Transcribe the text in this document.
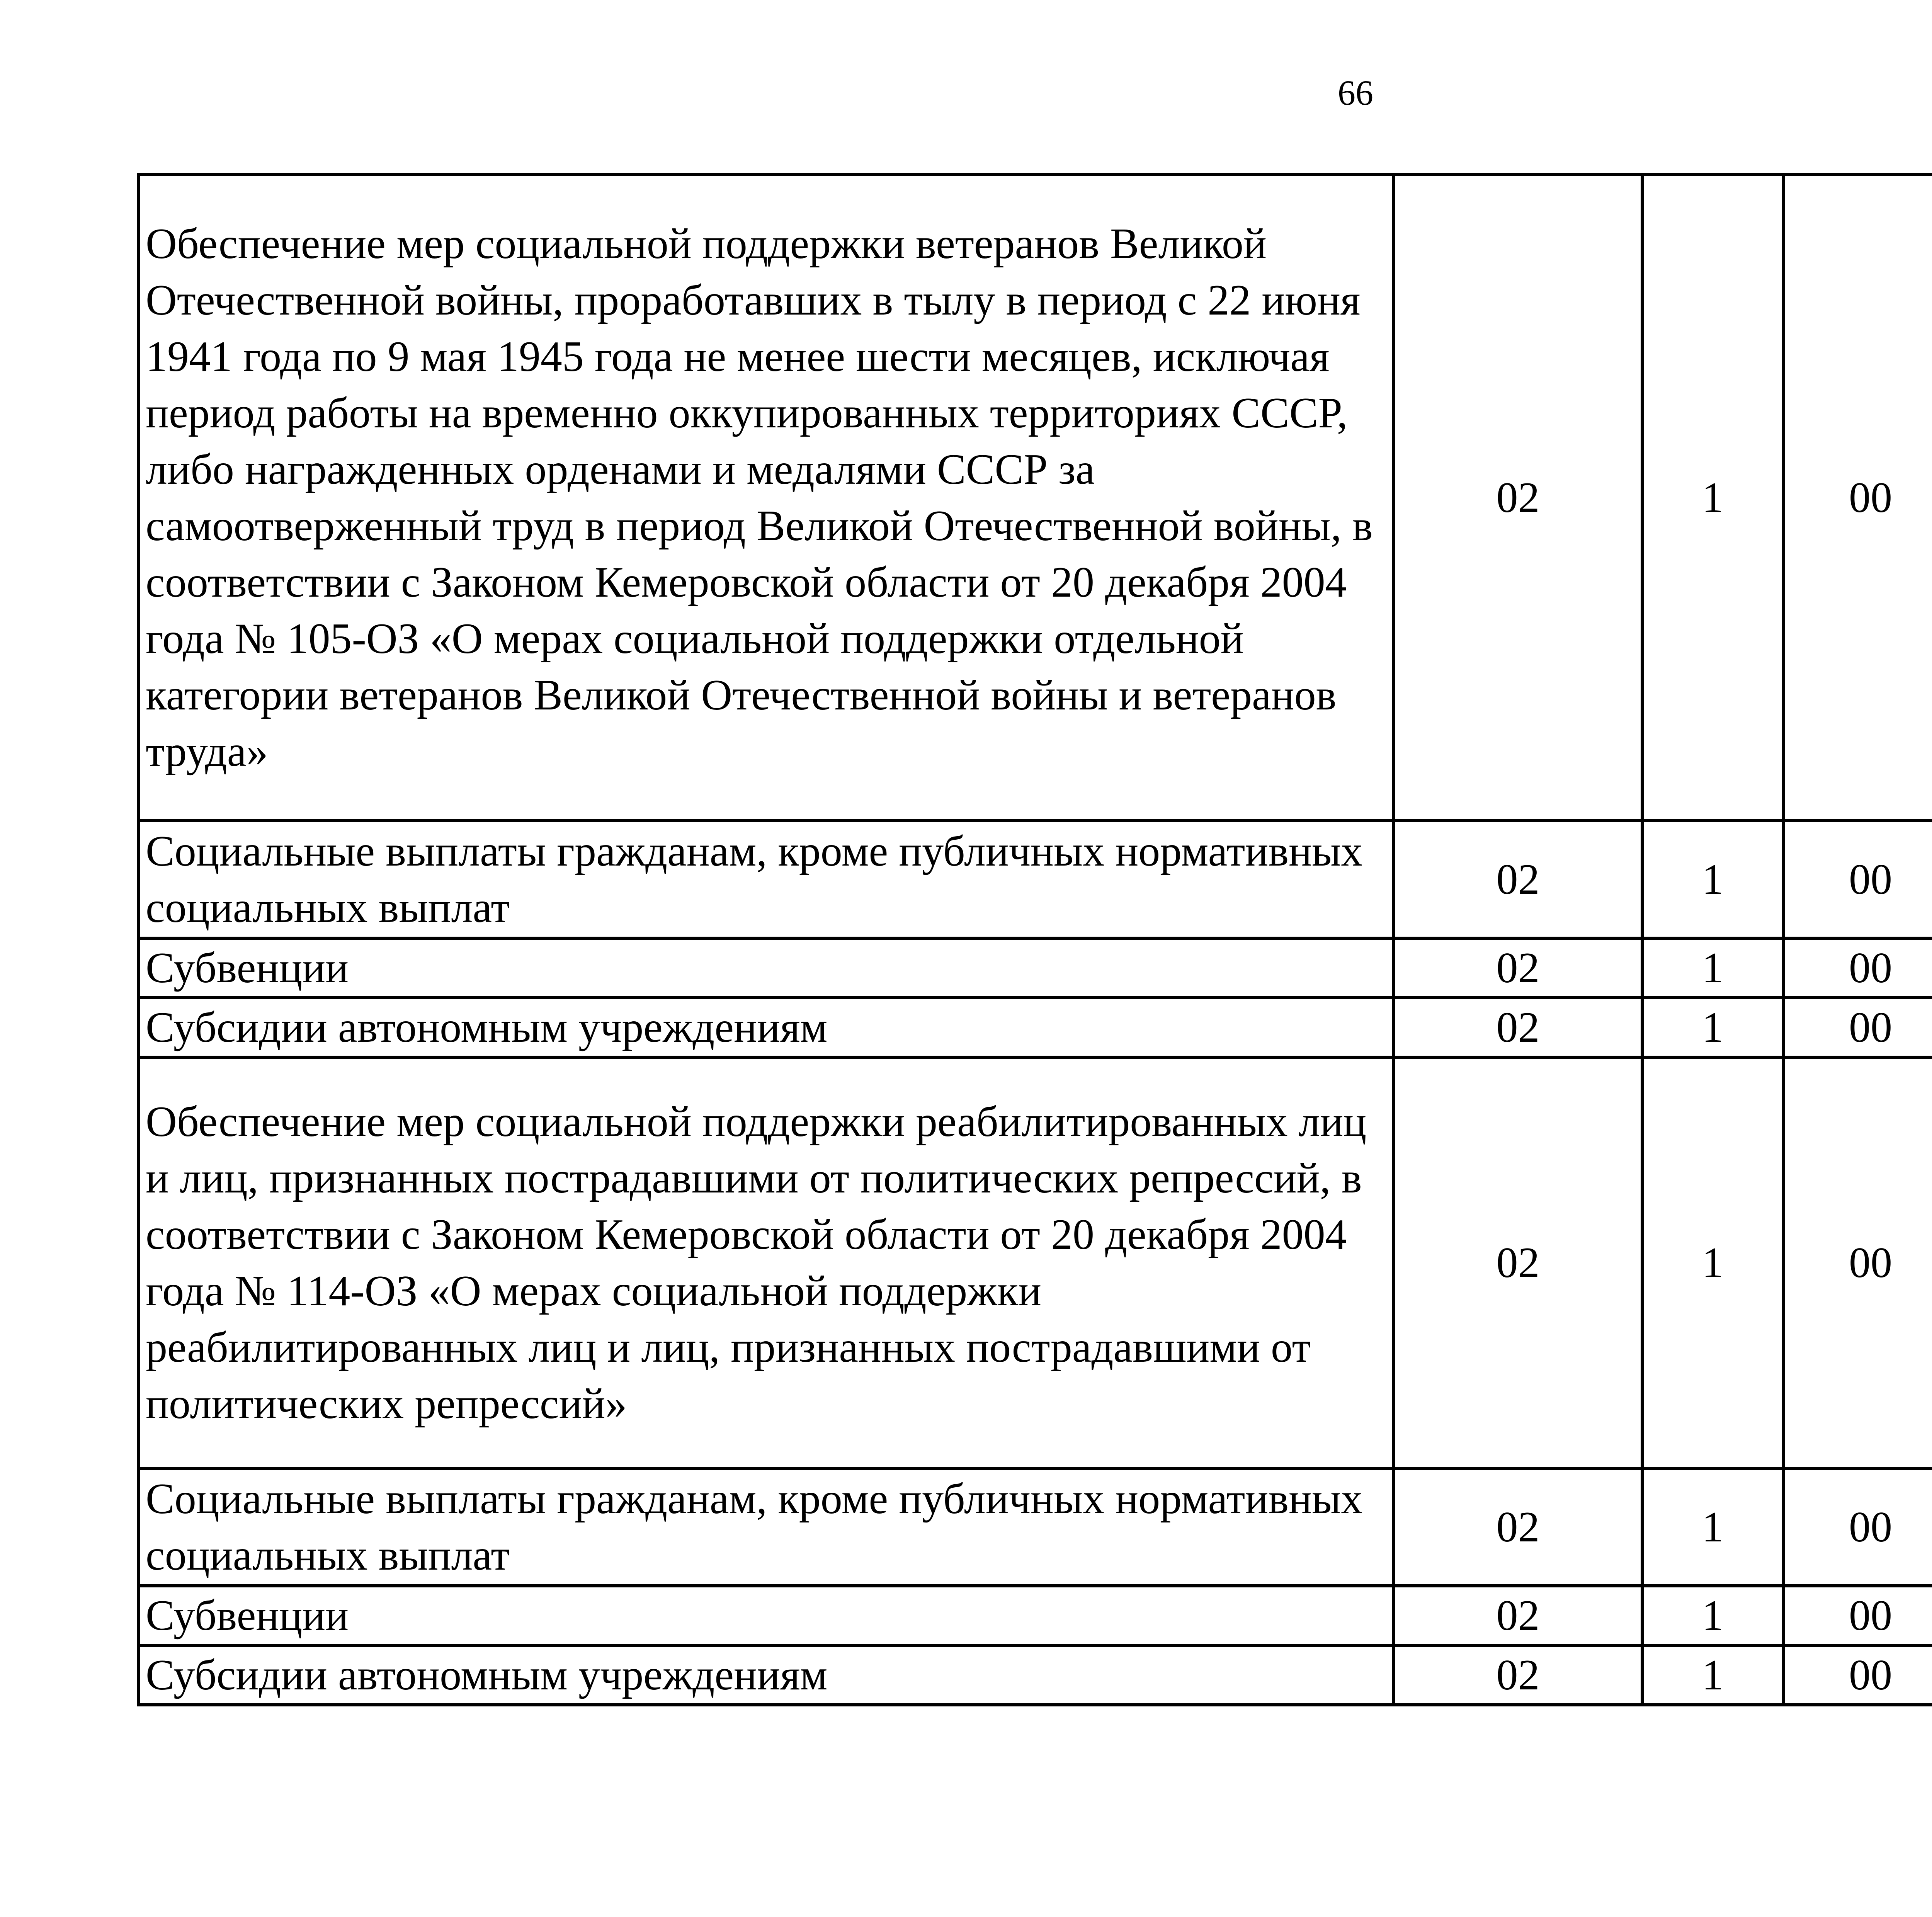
66
Обеспечение мер социальной поддержки ветеранов Великой Отечественной войны, проработавших в тылу в период с 22 июня 1941 года по 9 мая 1945 года не менее шести месяцев, исключая период работы на временно оккупированных территориях СССР, либо награжденных орденами и медалями СССР за самоотверженный труд в период Великой Отечественной войны, в соответствии с Законом Кемеровской области от 20 декабря 2004 года № 105-ОЗ «О мерах социальной поддержки отдельной категории ветеранов Великой Отечественной войны и ветеранов труда»	02	1	00			
Социальные выплаты гражданам, кроме публичных нормативных социальных выплат	02	1	00			
Субвенции	02	1	00			
Субсидии автономным учреждениям	02	1	00			
Обеспечение мер социальной поддержки реабилитированных лиц и лиц, признанных пострадавшими от политических репрессий, в соответствии с Законом Кемеровской области от 20 декабря 2004 года № 114-ОЗ «О мерах социальной поддержки реабилитированных лиц и лиц, признанных пострадавшими от политических репрессий»	02	1	00			
Социальные выплаты гражданам, кроме публичных нормативных социальных выплат	02	1	00			
Субвенции	02	1	00			
Субсидии автономным учреждениям	02	1	00			
